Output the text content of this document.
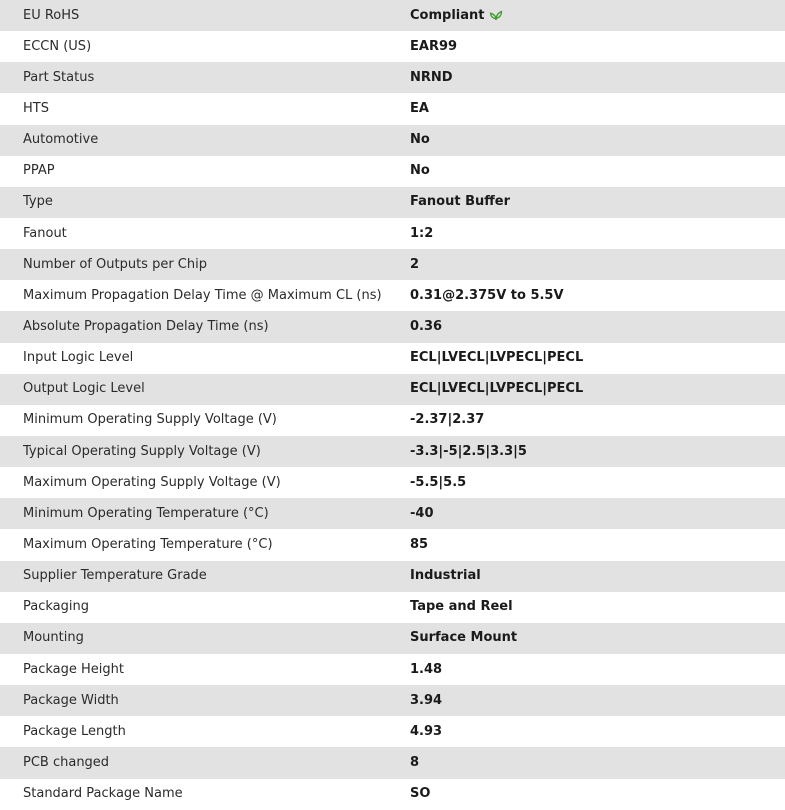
EU RoHS	Compliant
ECCN (US)	EAR99
Part Status	NRND
HTS	EA
Automotive	No
PPAP	No
Type	Fanout Buffer
Fanout	1:2
Number of Outputs per Chip	2
Maximum Propagation Delay Time @ Maximum CL (ns)	0.31@2.375V to 5.5V
Absolute Propagation Delay Time (ns)	0.36
Input Logic Level	ECL|LVECL|LVPECL|PECL
Output Logic Level	ECL|LVECL|LVPECL|PECL
Minimum Operating Supply Voltage (V)	-2.37|2.37
Typical Operating Supply Voltage (V)	-3.3|-5|2.5|3.3|5
Maximum Operating Supply Voltage (V)	-5.5|5.5
Minimum Operating Temperature (°C)	-40
Maximum Operating Temperature (°C)	85
Supplier Temperature Grade	Industrial
Packaging	Tape and Reel
Mounting	Surface Mount
Package Height	1.48
Package Width	3.94
Package Length	4.93
PCB changed	8
Standard Package Name	SO
